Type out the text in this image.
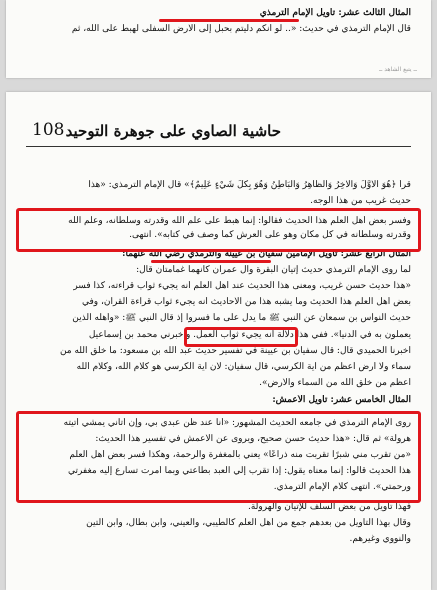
المثال الثالث عشر: تأويل الإمام الترمذي
قال الإمام الترمذي في حديث: «.. لو أنكم دليتم بحبل إلى الأرض السفلى لهبط على الله، ثم
ــ يتبع الشاهد ــ
حاشية الصاوي على جوهرة التوحيد
108
قرأ ﴿هُوَ الْأَوَّلُ وَالْآخِرُ وَالظَّاهِرُ وَالْبَاطِنُ وَهُوَ بِكُلِّ شَيْءٍ عَلِيمٌ﴾» قال الإمام الترمذي: «هذا
حديث غريب من هذا الوجه.
وفسر بعض أهل العلم هذا الحديث فقالوا: إنما هبط على علم الله وقدرته وسلطانه، وعلم الله
وقدرته وسلطانه في كل مكان وهو على العرش كما وصف في كتابه». انتهى.
المثال الرابع عشر: تأويل الإمامين سفيان بن عيينة والترمذي رضي الله عنهما:
لما روى الإمام الترمذي حديث إتيان البقرة وآل عمران كأنهما غمامتان قال:
«هذا حديث حسن غريب، ومعنى هذا الحديث عند أهل العلم أنه يجيء ثواب قراءته، كذا فسر
بعض أهل العلم هذا الحديث وما يشبه هذا من الأحاديث أنه يجيء ثواب قراءة القرآن، وفي
حديث النواس بن سمعان عن النبي ﷺ ما يدل على ما فسروا إذ قال النبي ﷺ: «وأهله الذين
يعملون به في الدنيا». ففي هذا دلالة أنه يجيء ثواب العمل. وأخبرني محمد بن إسماعيل
أخبرنا الحميدي قال: قال سفيان بن عيينة في تفسير حديث عبد الله بن مسعود: ما خلق الله من
سماء ولا أرض أعظم من آية الكرسي، قال سفيان: لأن آية الكرسي هو كلام الله، وكلام الله
أعظم من خلق الله من السماء والأرض».
المثال الخامس عشر: تأويل الأعمش:
روى الإمام الترمذي في جامعه الحديث المشهور: «أنا عند ظن عبدي بي، وإن أتاني يمشي أتيته
هرولة» ثم قال: «هذا حديث حسن صحيح، ويروى عن الأعمش في تفسير هذا الحديث:
«من تقرب مني شبرًا تقربت منه ذراعًا» يعني بالمغفرة والرحمة، وهكذا فسر بعض أهل العلم
هذا الحديث قالوا: إنما معناه يقول: إذا تقرب إلي العبد بطاعتي وبما أمرت تسارع إليه مغفرتي
ورحمتي». انتهى كلام الإمام الترمذي.
فهذا تأويل من بعض السلف للإتيان والهرولة.
وقال بهذا التأويل من بعدهم جمع من أهل العلم كالطيبي، والعيني، وابن بطال، وابن التين
والنووي وغيرهم.
